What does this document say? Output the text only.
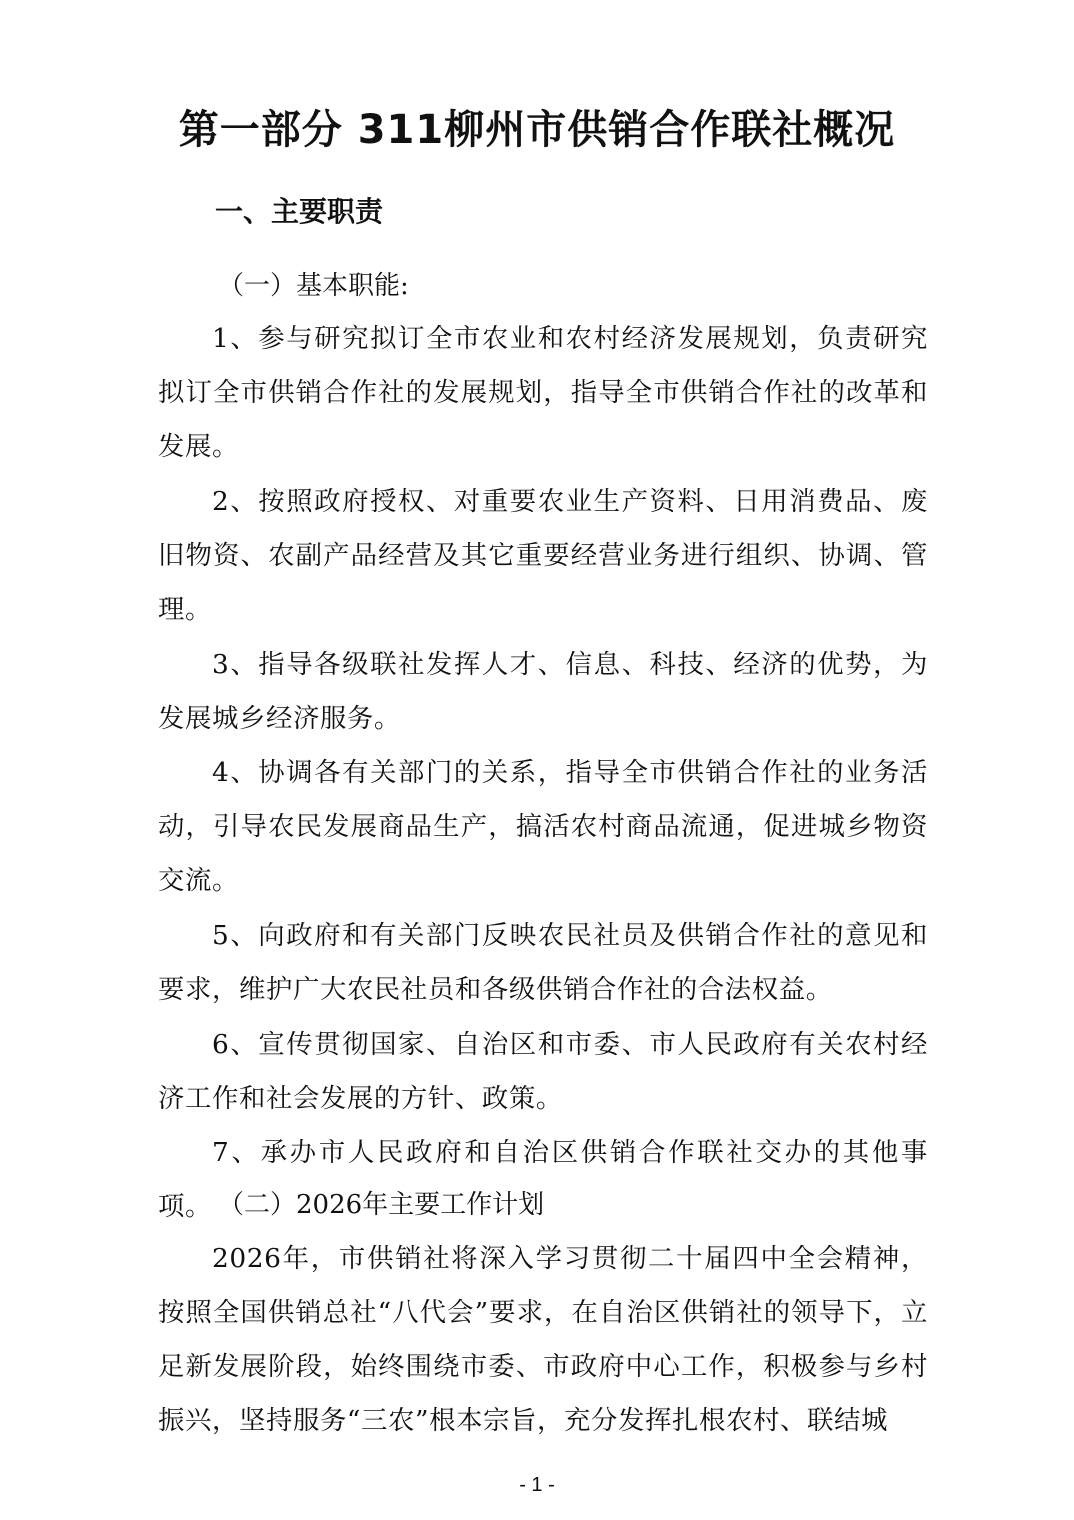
第一部分 311柳州市供销合作联社概况
一、主要职责
（一）基本职能:

1、参与研究拟订全市农业和农村经济发展规划，负责研究拟订全市供销合作社的发展规划，指导全市供销合作社的改革和发展。

2、按照政府授权、对重要农业生产资料、日用消费品、废旧物资、农副产品经营及其它重要经营业务进行组织、协调、管理。

3、指导各级联社发挥人才、信息、科技、经济的优势，为发展城乡经济服务。

4、协调各有关部门的关系，指导全市供销合作社的业务活动，引导农民发展商品生产，搞活农村商品流通，促进城乡物资交流。

5、向政府和有关部门反映农民社员及供销合作社的意见和要求，维护广大农民社员和各级供销合作社的合法权益。

6、宣传贯彻国家、自治区和市委、市人民政府有关农村经济工作和社会发展的方针、政策。

7、承办市人民政府和自治区供销合作联社交办的其他事项。 （二）2026年主要工作计划

2026年，市供销社将深入学习贯彻二十届四中全会精神，按照全国供销总社“八代会”要求，在自治区供销社的领导下，立足新发展阶段，始终围绕市委、市政府中心工作，积极参与乡村振兴，坚持服务“三农”根本宗旨，充分发挥扎根农村、联结城

- 1 -
